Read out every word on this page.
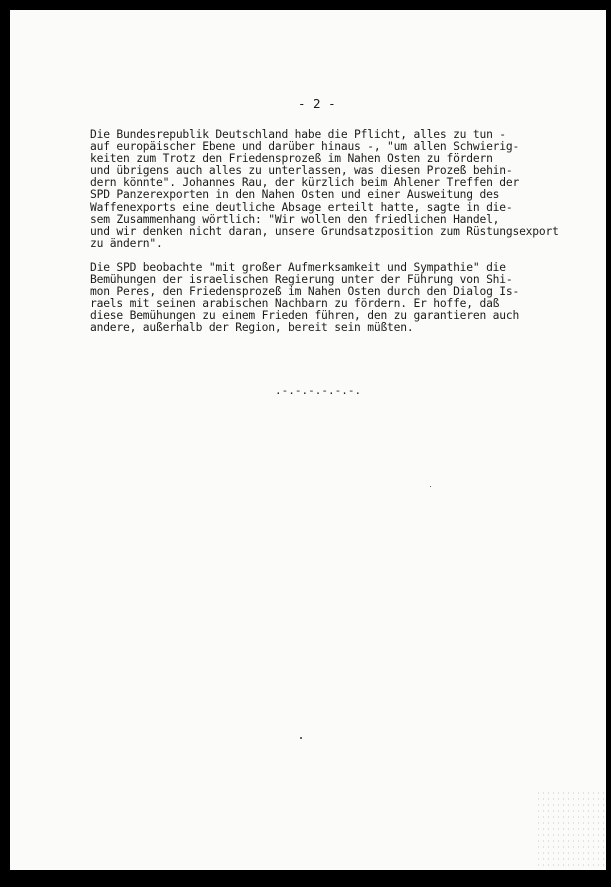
- 2 -
Die Bundesrepublik Deutschland habe die Pflicht, alles zu tun -
auf europäischer Ebene und darüber hinaus -, "um allen Schwierig-
keiten zum Trotz den Friedensprozeß im Nahen Osten zu fördern
und übrigens auch alles zu unterlassen, was diesen Prozeß behin-
dern könnte". Johannes Rau, der kürzlich beim Ahlener Treffen der
SPD Panzerexporten in den Nahen Osten und einer Ausweitung des
Waffenexports eine deutliche Absage erteilt hatte, sagte in die-
sem Zusammenhang wörtlich: "Wir wollen den friedlichen Handel,
und wir denken nicht daran, unsere Grundsatzposition zum Rüstungsexport
zu ändern".
Die SPD beobachte "mit großer Aufmerksamkeit und Sympathie" die
Bemühungen der israelischen Regierung unter der Führung von Shi-
mon Peres, den Friedensprozeß im Nahen Osten durch den Dialog Is-
raels mit seinen arabischen Nachbarn zu fördern. Er hoffe, daß
diese Bemühungen zu einem Frieden führen, den zu garantieren auch
andere, außerhalb der Region, bereit sein müßten.
.-.-.-.-.-.-.
